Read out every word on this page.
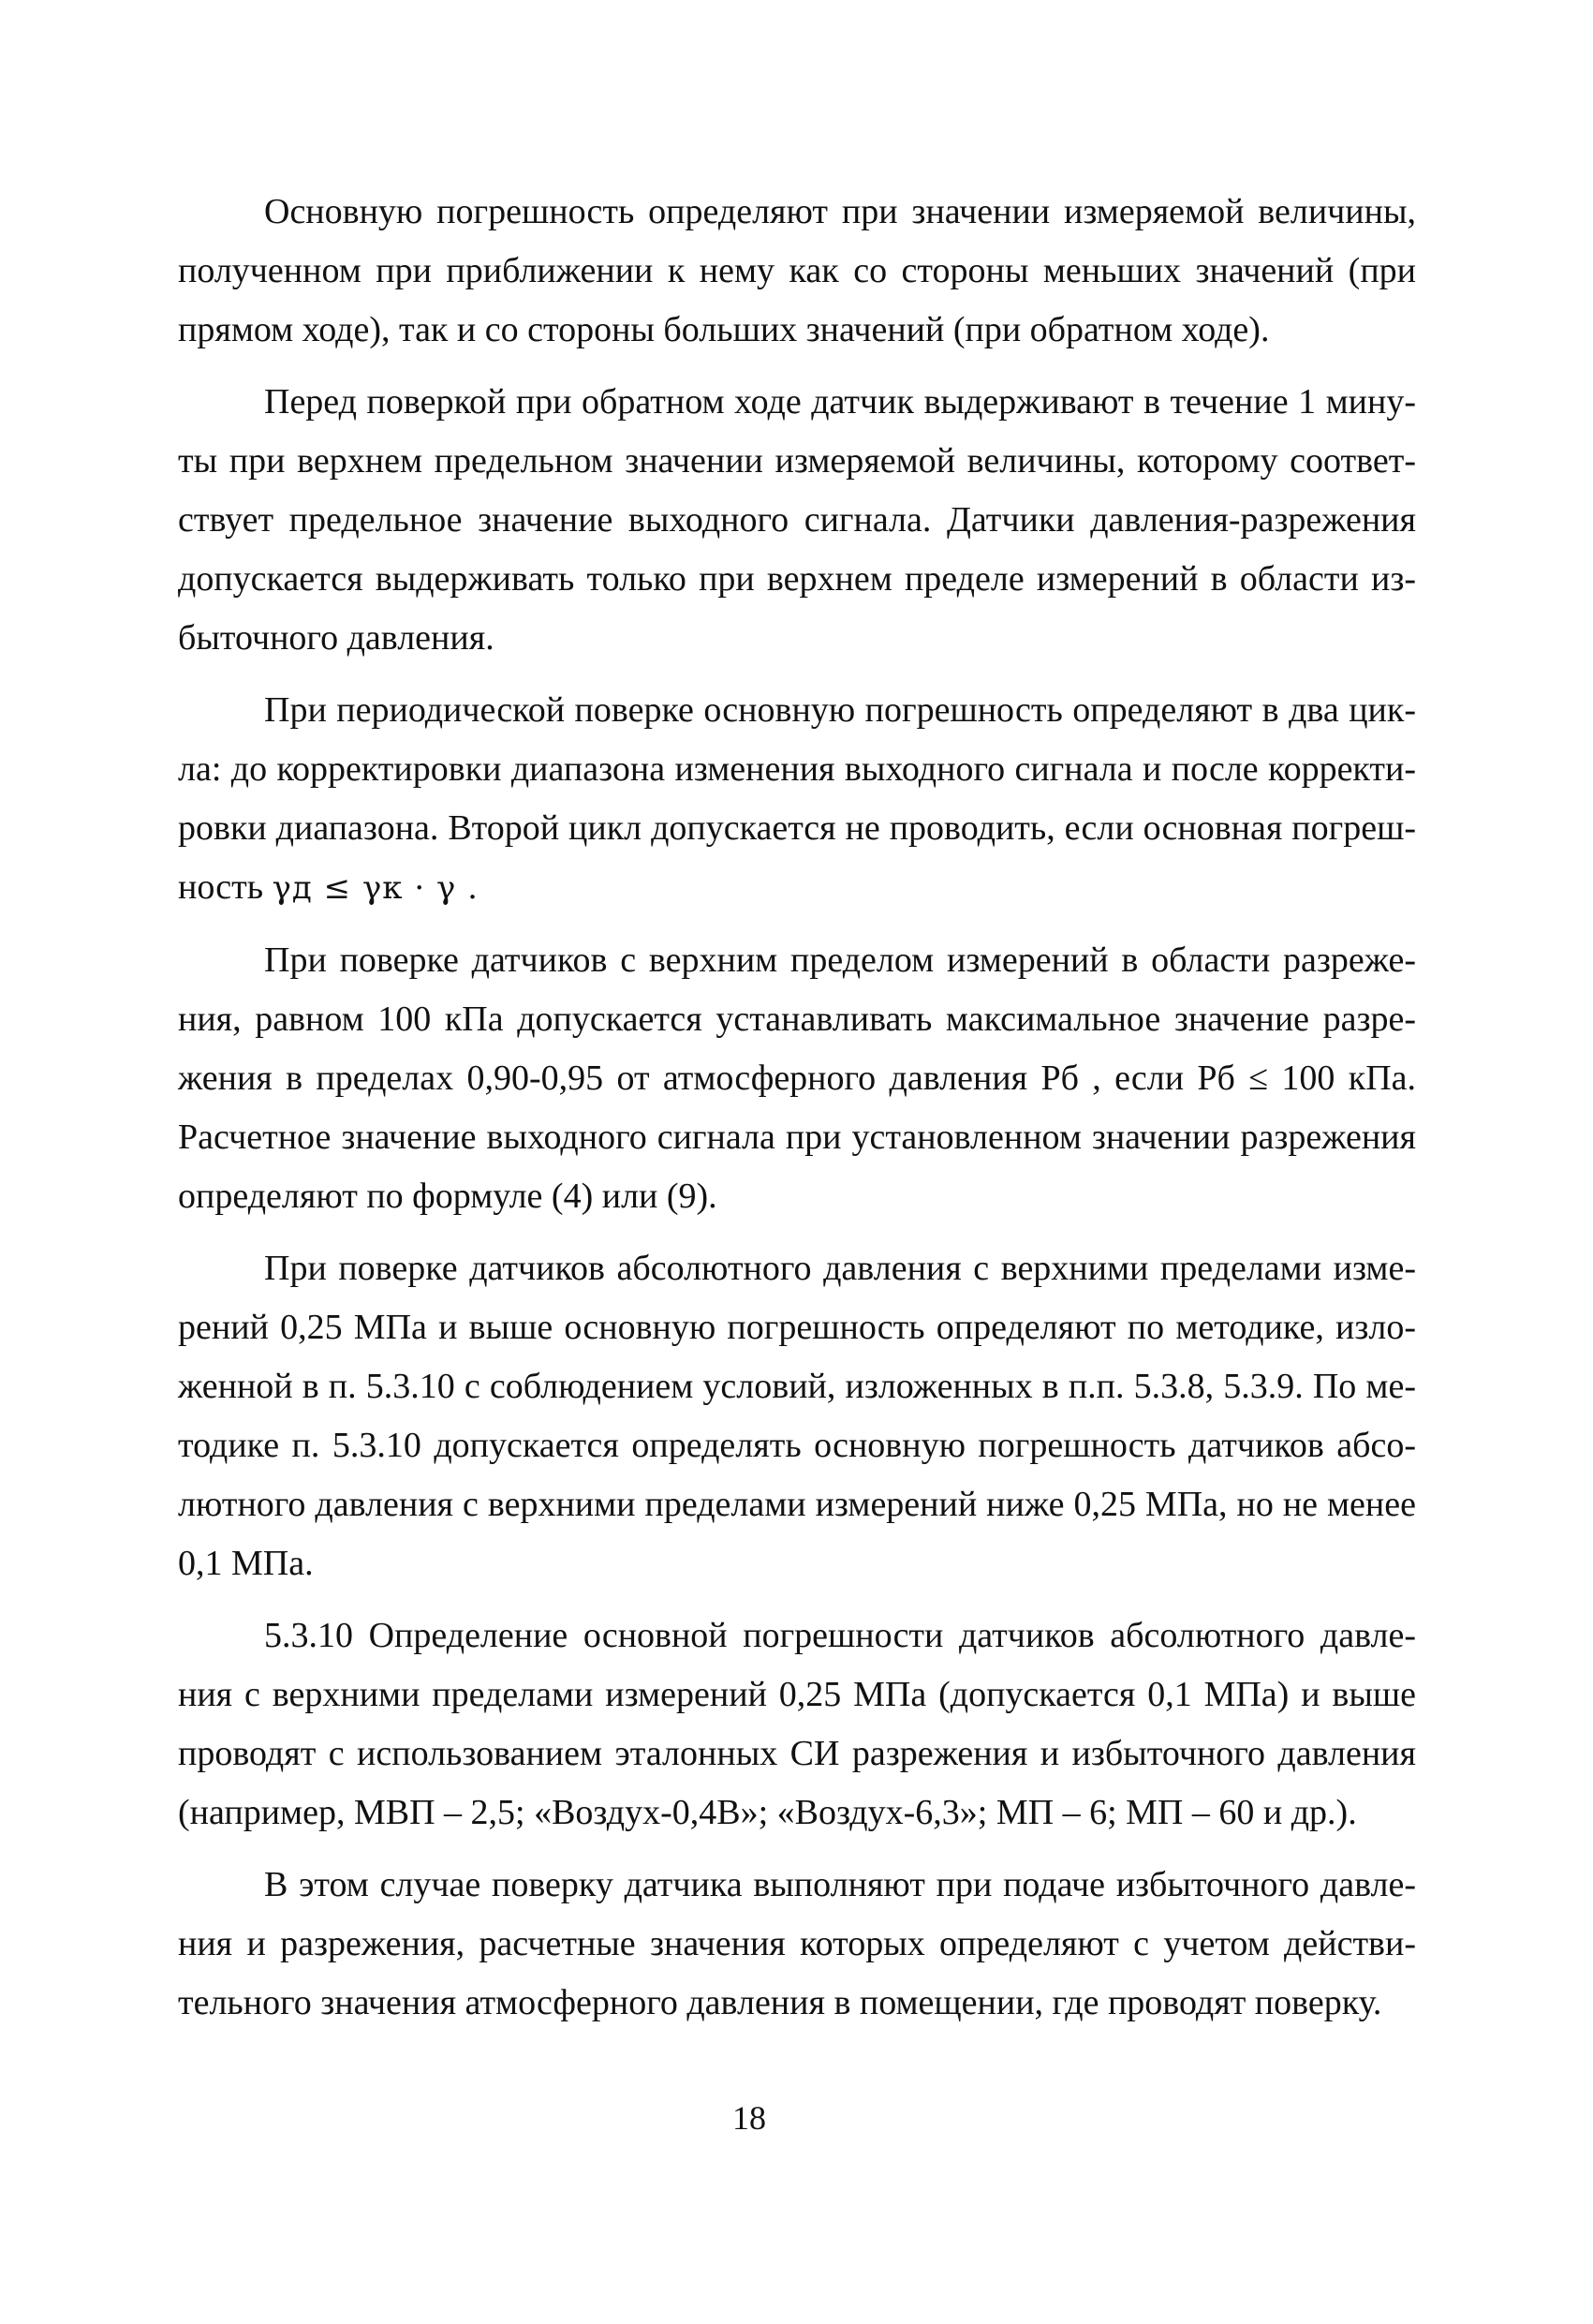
Основную погрешность определяют при значении измеряемой величины, полученном при приближении к нему как со стороны меньших значений (при прямом ходе), так и со стороны больших значений (при обратном ходе).

Перед поверкой при обратном ходе датчик выдерживают в течение 1 минуты при верхнем предельном значении измеряемой величины, которому соответствует предельное значение выходного сигнала. Датчики давления-разрежения допускается выдерживать только при верхнем пределе измерений в области избыточного давления.

При периодической поверке основную погрешность определяют в два цикла: до корректировки диапазона изменения выходного сигнала и после корректировки диапазона. Второй цикл допускается не проводить, если основная погрешность γд ≤ γк · γ .

При поверке датчиков с верхним пределом измерений в области разрежения, равном 100 кПа допускается устанавливать максимальное значение разрежения в пределах 0,90-0,95 от атмосферного давления Рб , если Рб ≤ 100 кПа. Расчетное значение выходного сигнала при установленном значении разрежения определяют по формуле (4) или (9).

При поверке датчиков абсолютного давления с верхними пределами измерений 0,25 МПа и выше основную погрешность определяют по методике, изложенной в п. 5.3.10 с соблюдением условий, изложенных в п.п. 5.3.8, 5.3.9. По методике п. 5.3.10 допускается определять основную погрешность датчиков абсолютного давления с верхними пределами измерений ниже 0,25 МПа, но не менее 0,1 МПа.

5.3.10 Определение основной погрешности датчиков абсолютного давления с верхними пределами измерений 0,25 МПа (допускается 0,1 МПа) и выше проводят с использованием эталонных СИ разрежения и избыточного давления (например, МВП – 2,5; «Воздух-0,4В»; «Воздух-6,3»; МП – 6; МП – 60 и др.).

В этом случае поверку датчика выполняют при подаче избыточного давления и разрежения, расчетные значения которых определяют с учетом действительного значения атмосферного давления в помещении, где проводят поверку.

18
